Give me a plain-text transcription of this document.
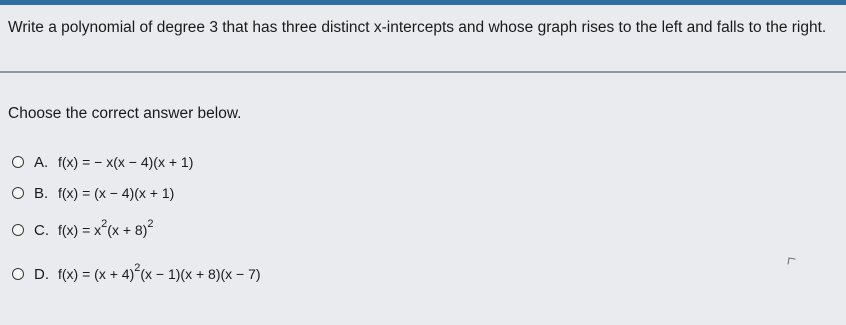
Write a polynomial of degree 3 that has three distinct x-intercepts and whose graph rises to the left and falls to the right.
Choose the correct answer below.
A. f(x) = − x(x − 4)(x + 1)
B. f(x) = (x − 4)(x + 1)
C. $f(x) = x^2(x + 8)^2$
D. $f(x) = (x + 4)^2(x - 1)(x + 8)(x - 7)$
